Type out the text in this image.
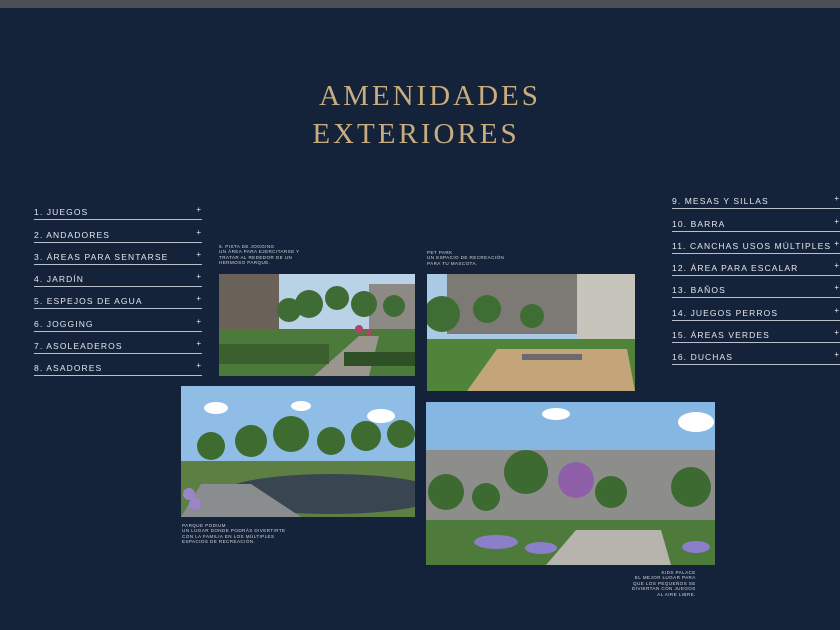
AMENIDADES
EXTERIORES
1. JUEGOS	+
2. ANDADORES	+
3. ÁREAS PARA SENTARSE	+
4. JARDÍN	+
5. ESPEJOS DE AGUA	+
6. JOGGING	+
7. ASOLEADEROS	+
8. ASADORES	+
9. MESAS Y SILLAS	+
10. BARRA	+
11. CANCHAS USOS MÚLTIPLES +
12. ÁREA PARA ESCALAR	+
13. BAÑOS	+
14. JUEGOS PERROS	+
15. ÁREAS VERDES	+
16. DUCHAS	+
6. PISTA DE JOGGING
UN ÁREA PARA EJERCITARSE Y
TRATAR AL REDEDOR DE UN
HERMOSO PARQUE.
PET PARK
UN ESPACIO DE RECREACIÓN
PARA TU MASCOTA.
PARQUE PODIUM
UN LUGAR DONDE PODRÁS DIVERTIRTE
CON LA FAMILIA EN LOS MÚLTIPLES
ESPACIOS DE RECREACIÓN.
KIDS PALACE
EL MEJOR LUGAR PARA
QUE LOS PEQUEÑOS SE
DIVIERTAN CON JUEGOS
AL AIRE LIBRE.
